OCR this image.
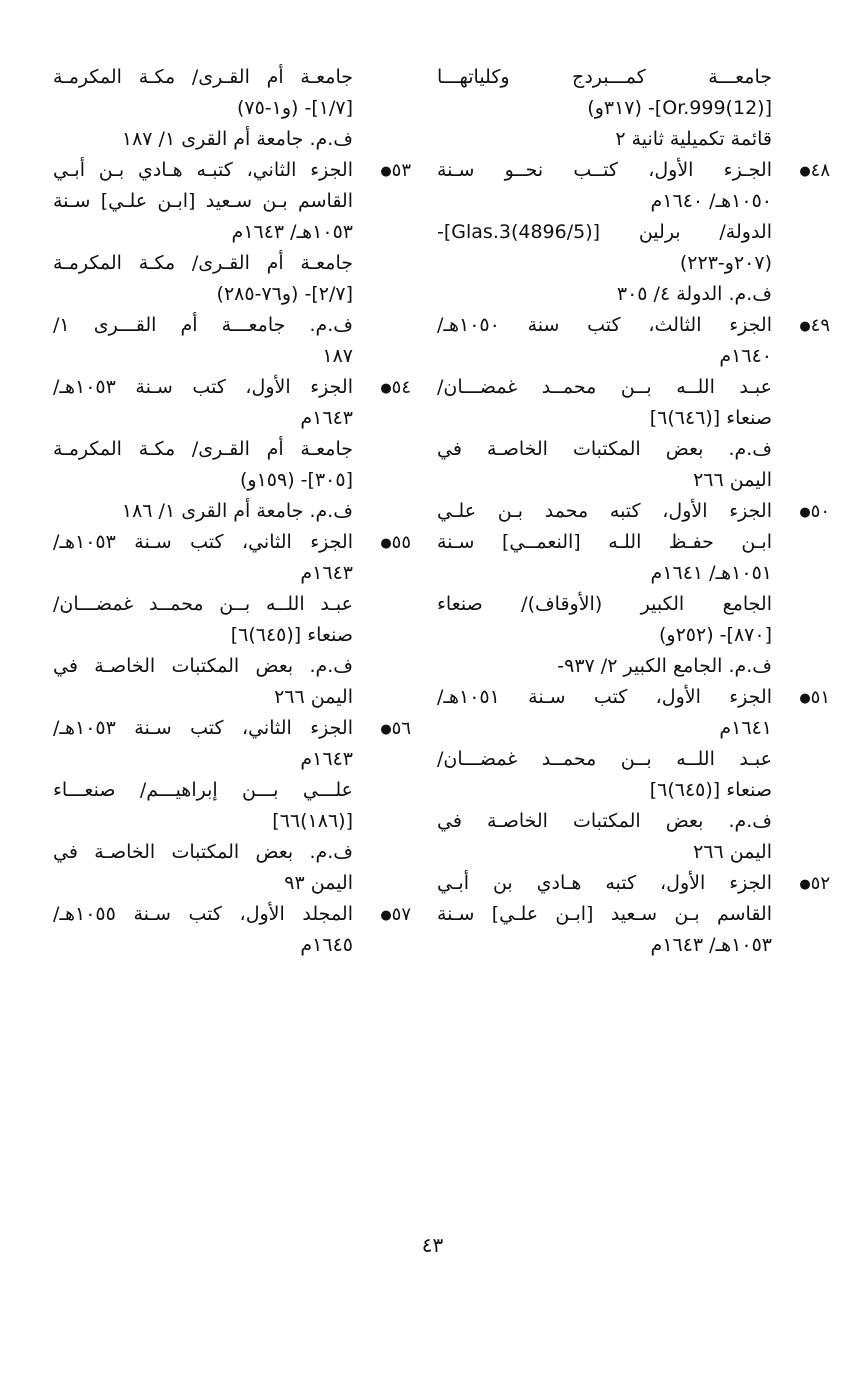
جامعـــة كمـــبردج وكلياتهـــا
[Or.999(12)]- (٣١٧و)
قائمة تكميلية ثانية ٢
٤٨●
الجـزء الأول، كتــب نحــو سـنة
١٠٥٠هـ/ ١٦٤٠م
الدولة/ برلين [(4896/5)Glas.3]-
(٢٠٧و-٢٢٣)
ف.م. الدولة ٤/ ٣٠٥
٤٩●
الجزء الثالث، كتب سنة ١٠٥٠هـ/
١٦٤٠م
عبـد اللــه بــن محمــد غمضـــان/
صنعاء [(٦٤٦)٦]
ف.م. بعض المكتبات الخاصـة في
اليمن ٢٦٦
٥٠●
الجزء الأول، كتبه محمد بـن علـي
ابـن حفـظ اللـه [النعمــي] سـنة
١٠٥١هـ/ ١٦٤١م
الجامع الكبير (الأوقاف)/ صنعاء
[٨٧٠]- (٢٥٢و)
ف.م. الجامع الكبير ٢/ ٩٣٧-
٥١●
الجزء الأول، كتب سـنة ١٠٥١هـ/
١٦٤١م
عبـد اللــه بــن محمــد غمضـــان/
صنعاء [(٦٤٥)٦]
ف.م. بعض المكتبات الخاصـة في
اليمن ٢٦٦
٥٢●
الجزء الأول، كتبه هـادي بن أبـي
القاسم بـن سـعيد [ابـن علـي] سـنة
١٠٥٣هـ/ ١٦٤٣م
جامعـة أم القـرى/ مكـة المكرمـة
[١/٧]- (و١-٧٥)
ف.م. جامعة أم القرى ١/ ١٨٧
٥٣●
الجزء الثاني، كتبـه هـادي بـن أبـي
القاسم بـن سـعيد [ابـن علـي] سـنة
١٠٥٣هـ/ ١٦٤٣م
جامعـة أم القـرى/ مكـة المكرمـة
[٢/٧]- (و٧٦-٢٨٥)
ف.م. جامعـــة أم القـــرى ١/
١٨٧
٥٤●
الجزء الأول، كتب سـنة ١٠٥٣هـ/
١٦٤٣م
جامعـة أم القـرى/ مكـة المكرمـة
[٣٠٥]- (١٥٩و)
ف.م. جامعة أم القرى ١/ ١٨٦
٥٥●
الجزء الثاني، كتب سـنة ١٠٥٣هـ/
١٦٤٣م
عبـد اللــه بــن محمــد غمضـــان/
صنعاء [(٦٤٥)٦]
ف.م. بعض المكتبات الخاصـة في
اليمن ٢٦٦
٥٦●
الجزء الثاني، كتب سـنة ١٠٥٣هـ/
١٦٤٣م
علـــي بـــن إبراهيـــم/ صنعـــاء
[(١٨٦)٦٦]
ف.م. بعض المكتبات الخاصـة في
اليمن ٩٣
٥٧●
المجلد الأول، كتب سـنة ١٠٥٥هـ/
١٦٤٥م
٤٣
